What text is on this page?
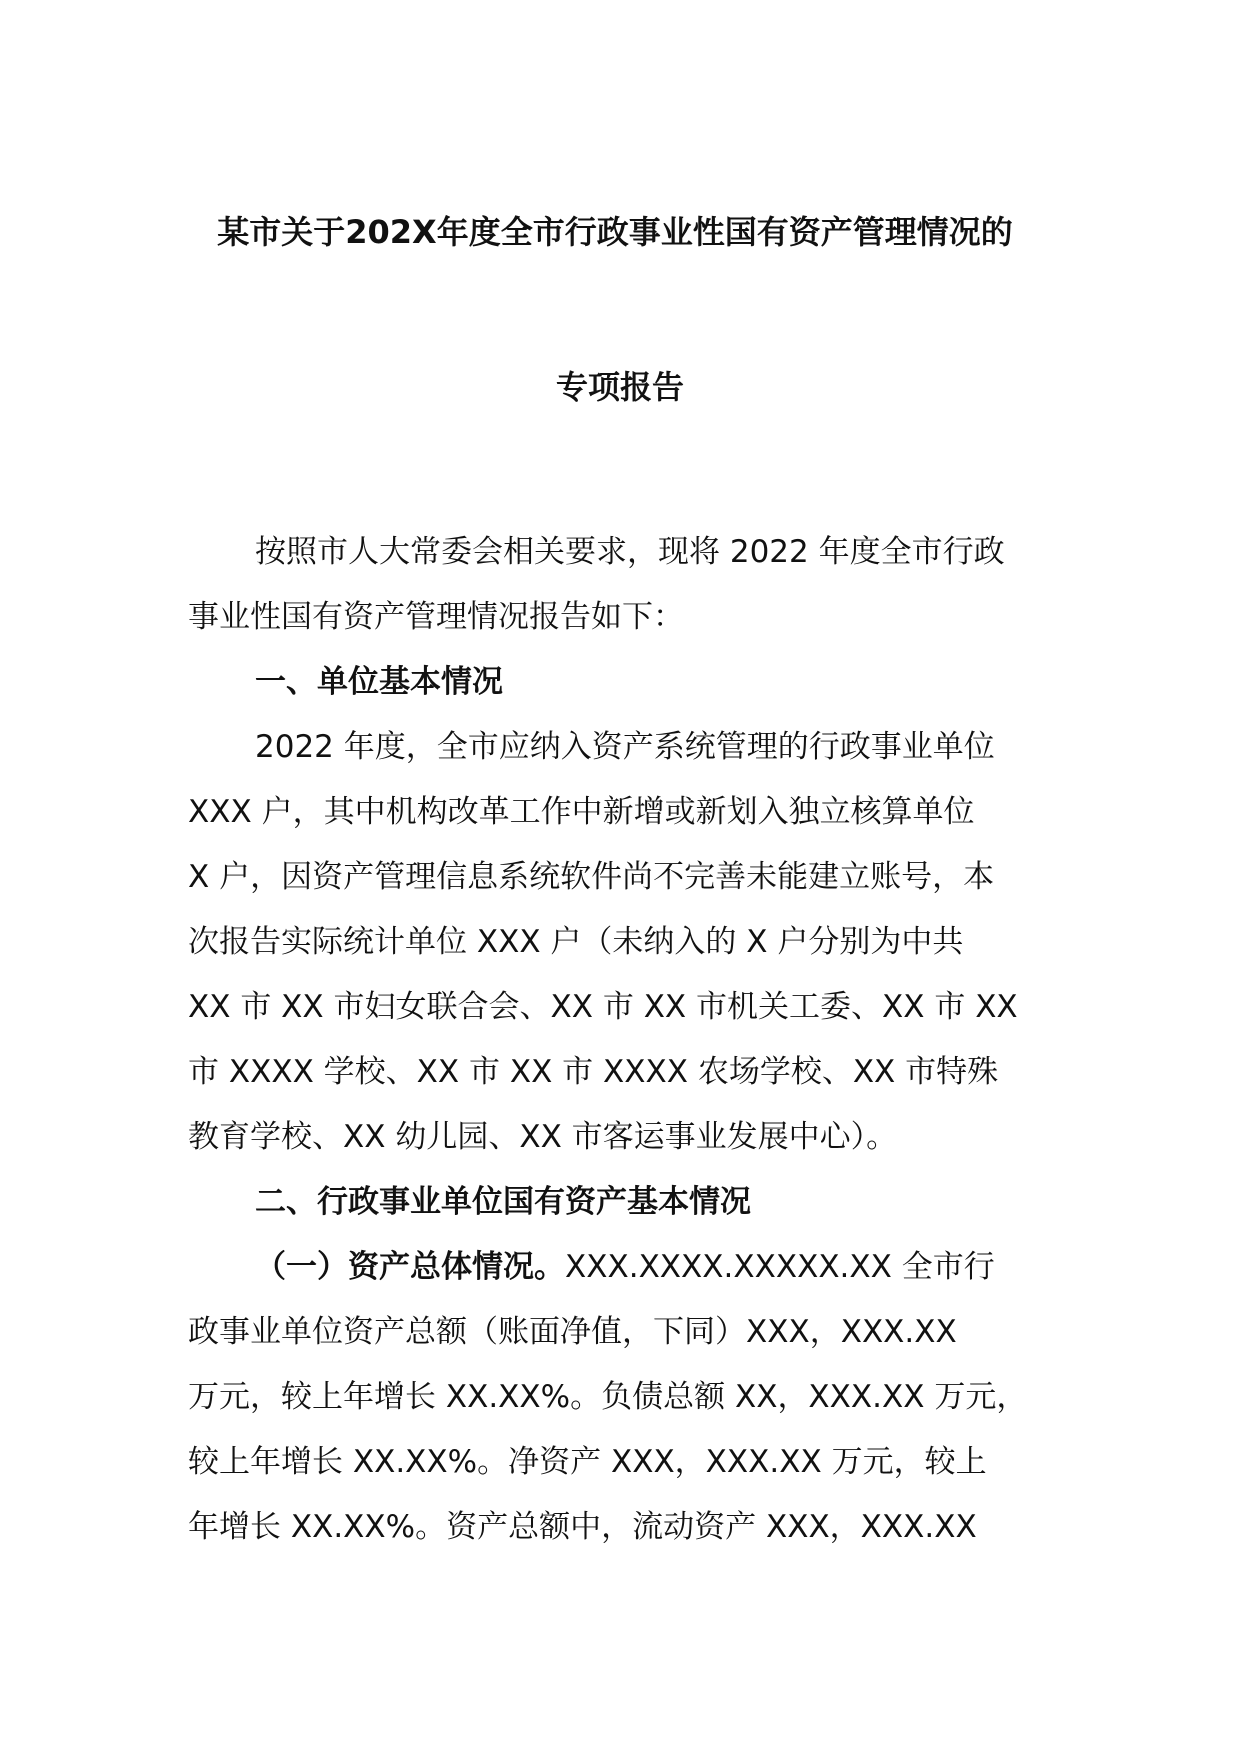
某市关于202X年度全市行政事业性国有资产管理情况的
专项报告

按照市人大常委会相关要求，现将 2022 年度全市行政

事业性国有资产管理情况报告如下：

一、单位基本情况

2022 年度，全市应纳入资产系统管理的行政事业单位

XXX 户，其中机构改革工作中新增或新划入独立核算单位

X 户，因资产管理信息系统软件尚不完善未能建立账号，本

次报告实际统计单位 XXX 户（未纳入的 X 户分别为中共

XX 市 XX 市妇女联合会、XX 市 XX 市机关工委、XX 市 XX

市 XXXX 学校、XX 市 XX 市 XXXX 农场学校、XX 市特殊

教育学校、XX 幼儿园、XX 市客运事业发展中心）。

二、行政事业单位国有资产基本情况

（一）资产总体情况。XXX.XXXX.XXXXX.XX 全市行

政事业单位资产总额（账面净值，下同）XXX，XXX.XX

万元，较上年增长 XX.XX%。负债总额 XX，XXX.XX 万元，

较上年增长 XX.XX%。净资产 XXX，XXX.XX 万元，较上

年增长 XX.XX%。资产总额中，流动资产 XXX，XXX.XX
